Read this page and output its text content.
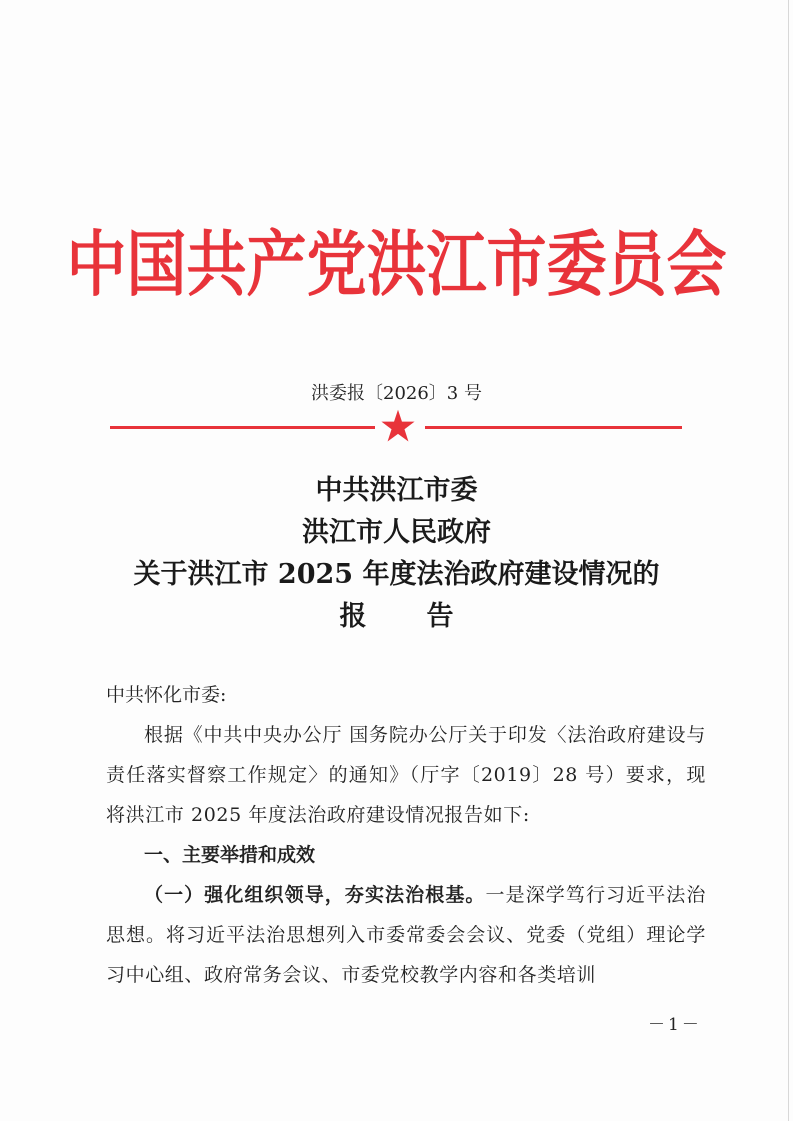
中国共产党洪江市委员会
洪委报〔2026〕3 号
中共洪江市委
洪江市人民政府
关于洪江市 2025 年度法治政府建设情况的
报告

中共怀化市委:

根据《中共中央办公厅 国务院办公厅关于印发〈法治政府建设与责任落实督察工作规定〉的通知》（厅字〔2019〕28 号）要求，现将洪江市 2025 年度法治政府建设情况报告如下:

一、主要举措和成效

（一）强化组织领导，夯实法治根基。一是深学笃行习近平法治思想。将习近平法治思想列入市委常委会会议、党委（党组）理论学习中心组、政府常务会议、市委党校教学内容和各类培训

－1－
